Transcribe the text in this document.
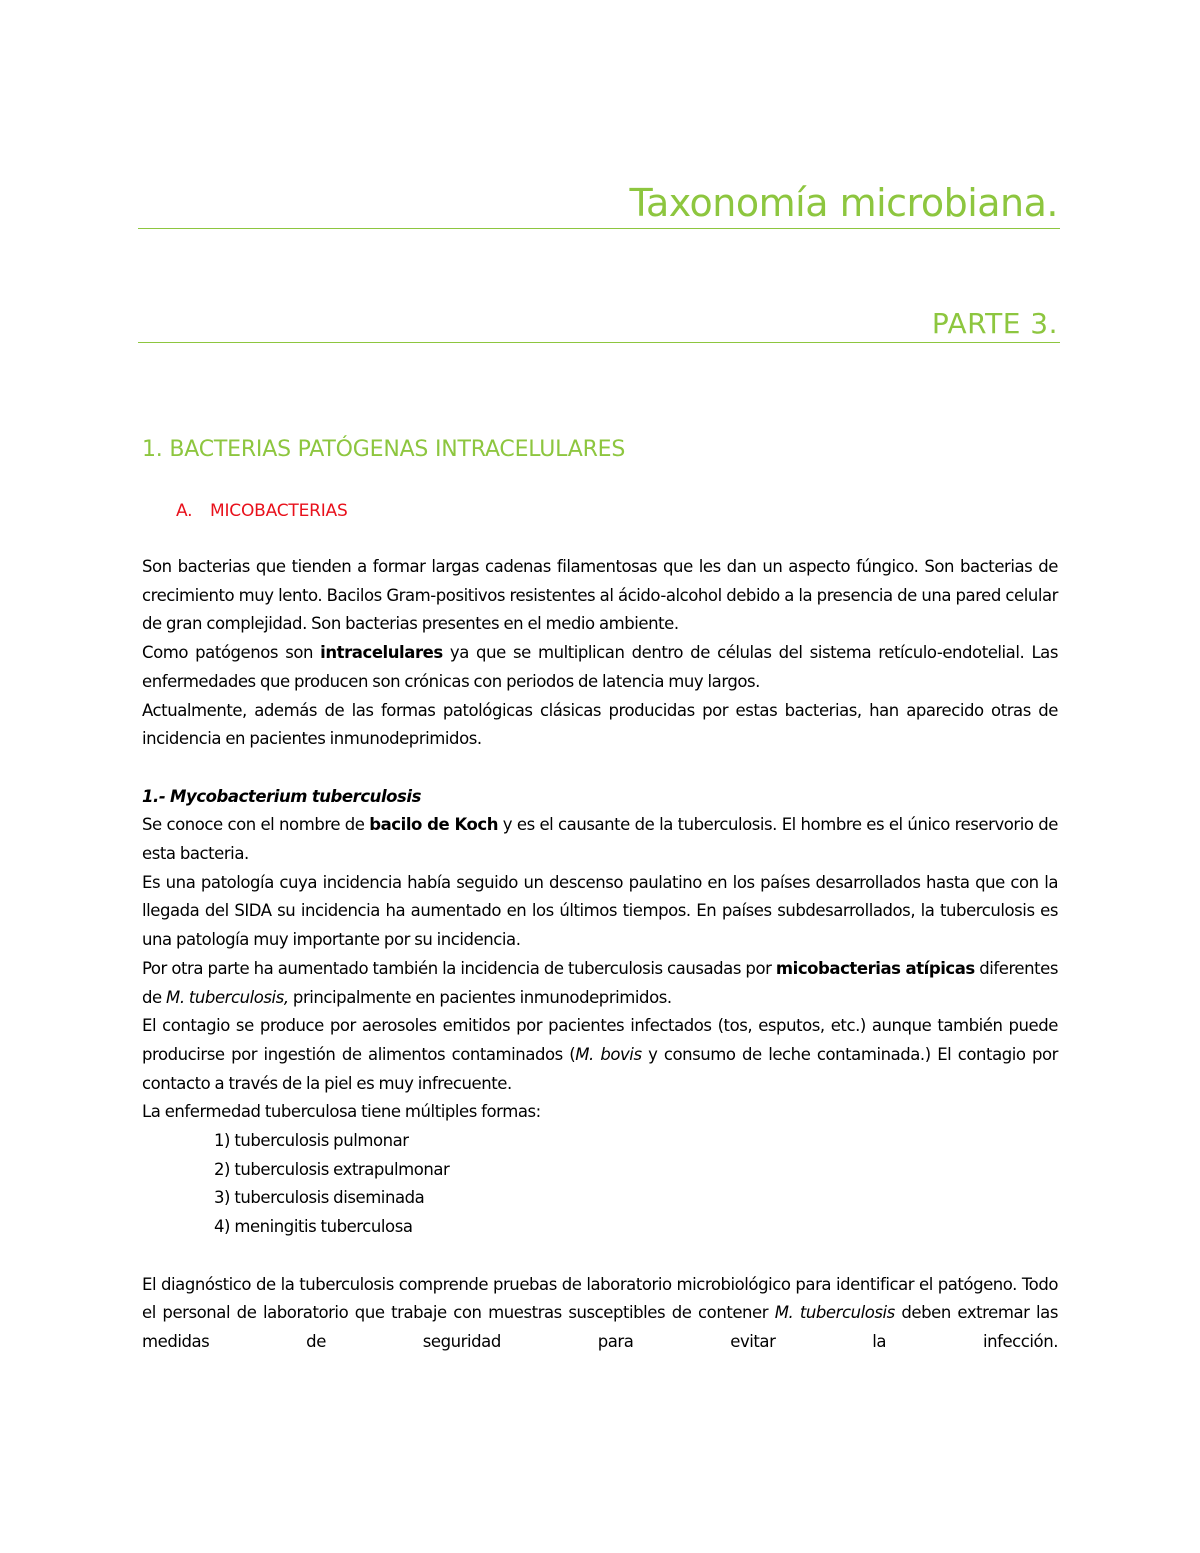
Taxonomía microbiana.
PARTE 3.
1. BACTERIAS PATÓGENAS INTRACELULARES
A. MICOBACTERIAS

Son bacterias que tienden a formar largas cadenas filamentosas que les dan un aspecto fúngico. Son bacterias de crecimiento muy lento. Bacilos Gram-positivos resistentes al ácido-alcohol debido a la presencia de una pared celular de gran complejidad. Son bacterias presentes en el medio ambiente.

Como patógenos son intracelulares ya que se multiplican dentro de células del sistema retículo-endotelial. Las enfermedades que producen son crónicas con periodos de latencia muy largos.

Actualmente, además de las formas patológicas clásicas producidas por estas bacterias, han aparecido otras de incidencia en pacientes inmunodeprimidos.

1.- Mycobacterium tuberculosis

Se conoce con el nombre de bacilo de Koch y es el causante de la tuberculosis. El hombre es el único reservorio de esta bacteria.

Es una patología cuya incidencia había seguido un descenso paulatino en los países desarrollados hasta que con la llegada del SIDA su incidencia ha aumentado en los últimos tiempos. En países subdesarrollados, la tuberculosis es una patología muy importante por su incidencia.

Por otra parte ha aumentado también la incidencia de tuberculosis causadas por micobacterias atípicas diferentes de M. tuberculosis, principalmente en pacientes inmunodeprimidos.

El contagio se produce por aerosoles emitidos por pacientes infectados (tos, esputos, etc.) aunque también puede producirse por ingestión de alimentos contaminados (M. bovis y consumo de leche contaminada.) El contagio por contacto a través de la piel es muy infrecuente.

La enfermedad tuberculosa tiene múltiples formas:

1) tuberculosis pulmonar
2) tuberculosis extrapulmonar
3) tuberculosis diseminada
4) meningitis tuberculosa

El diagnóstico de la tuberculosis comprende pruebas de laboratorio microbiológico para identificar el patógeno. Todo el personal de laboratorio que trabaje con muestras susceptibles de contener M. tuberculosis deben extremar las medidas de seguridad para evitar la infección.
